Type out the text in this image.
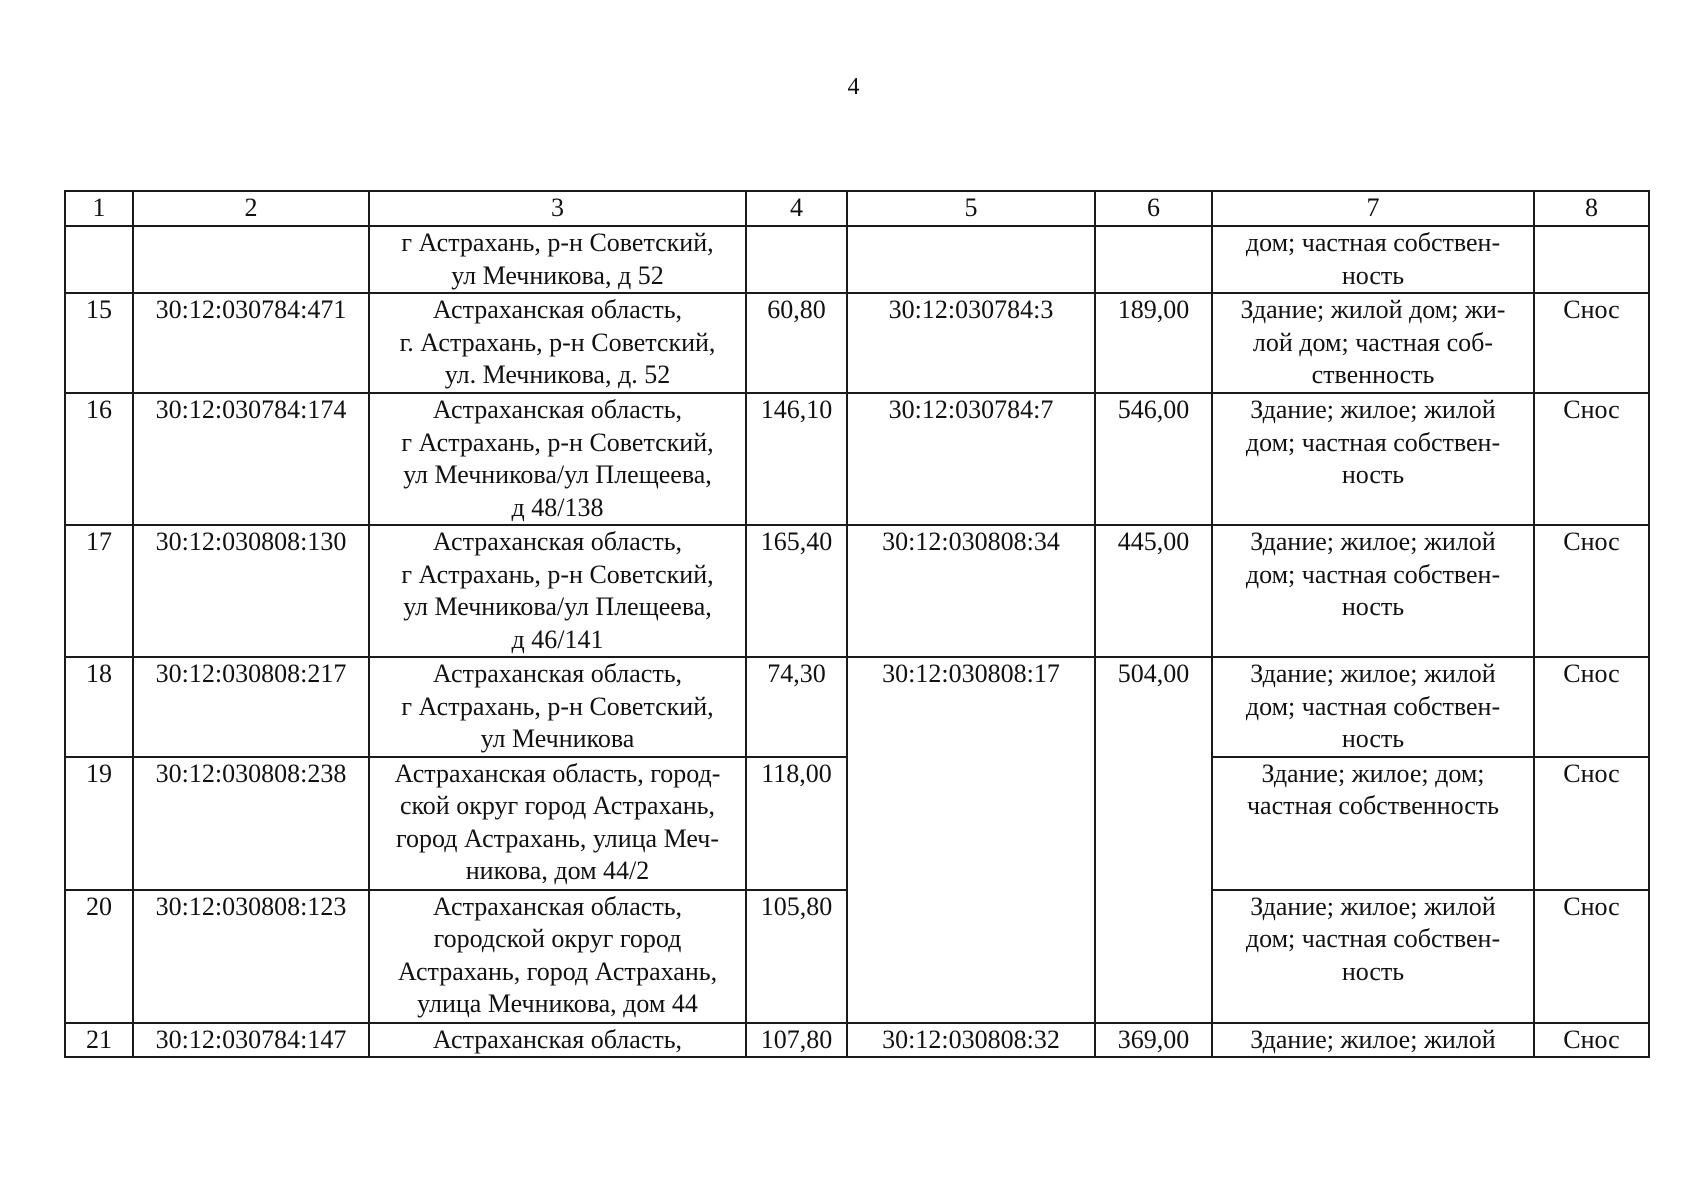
4
1	2	3	4	5	6	7	8
		г Астрахань, р-н Советский,
ул Мечникова, д 52				дом; частная собствен-
ность	
15	30:12:030784:471	Астраханская область,
г. Астрахань, р-н Советский,
ул. Мечникова, д. 52	60,80	30:12:030784:3	189,00	Здание; жилой дом; жи-
лой дом; частная соб-
ственность	Снос
16	30:12:030784:174	Астраханская область,
г Астрахань, р-н Советский,
ул Мечникова/ул Плещеева,
д 48/138	146,10	30:12:030784:7	546,00	Здание; жилое; жилой
дом; частная собствен-
ность	Снос
17	30:12:030808:130	Астраханская область,
г Астрахань, р-н Советский,
ул Мечникова/ул Плещеева,
д 46/141	165,40	30:12:030808:34	445,00	Здание; жилое; жилой
дом; частная собствен-
ность	Снос
18	30:12:030808:217	Астраханская область,
г Астрахань, р-н Советский,
ул Мечникова	74,30	30:12:030808:17	504,00	Здание; жилое; жилой
дом; частная собствен-
ность	Снос
19	30:12:030808:238	Астраханская область, город-
ской округ город Астрахань,
город Астрахань, улица Меч-
никова, дом 44/2	118,00			Здание; жилое; дом;
частная собственность	Снос
20	30:12:030808:123	Астраханская область,
городской округ город
Астрахань, город Астрахань,
улица Мечникова, дом 44	105,80			Здание; жилое; жилой
дом; частная собствен-
ность	Снос
21	30:12:030784:147	Астраханская область,	107,80	30:12:030808:32	369,00	Здание; жилое; жилой	Снос
